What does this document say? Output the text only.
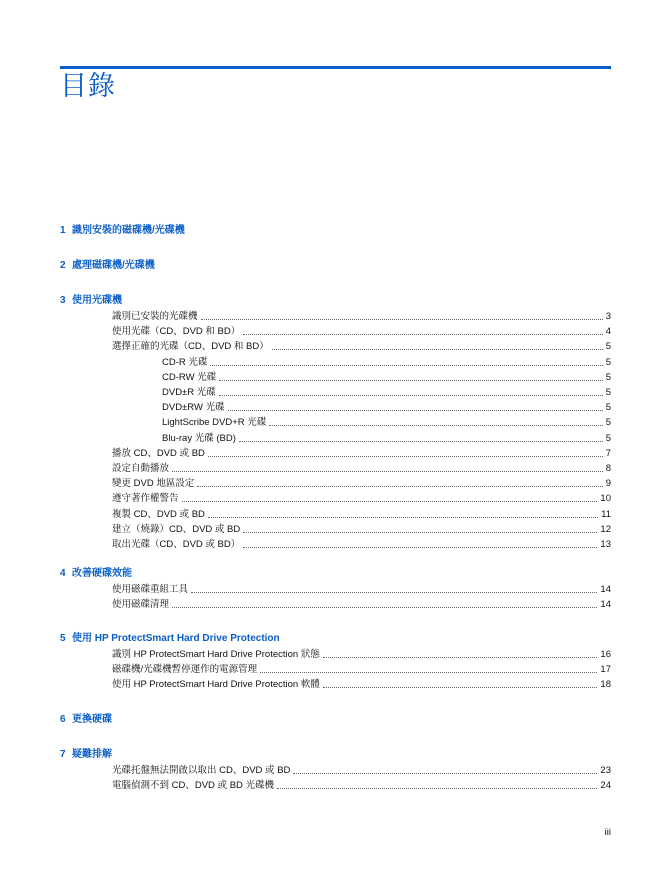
目錄
1 識別安裝的磁碟機/光碟機
2 處理磁碟機/光碟機
3 使用光碟機
識別已安裝的光碟機	3
使用光碟（CD、DVD 和 BD）	4
選擇正確的光碟（CD、DVD 和 BD）	5
CD-R 光碟	5
CD-RW 光碟	5
DVD±R 光碟	5
DVD±RW 光碟	5
LightScribe DVD+R 光碟	5
Blu-ray 光碟 (BD)	5
播放 CD、DVD 或 BD	7
設定自動播放	8
變更 DVD 地區設定	9
遵守著作權警告	10
複製 CD、DVD 或 BD	11
建立（燒錄）CD、DVD 或 BD	12
取出光碟（CD、DVD 或 BD）	13
4 改善硬碟效能
使用磁碟重組工具	14
使用磁碟清理	14
5 使用 HP ProtectSmart Hard Drive Protection
識別 HP ProtectSmart Hard Drive Protection 狀態	16
磁碟機/光碟機暫停運作的電源管理	17
使用 HP ProtectSmart Hard Drive Protection 軟體	18
6 更換硬碟
7 疑難排解
光碟托盤無法開啟以取出 CD、DVD 或 BD	23
電腦偵測不到 CD、DVD 或 BD 光碟機	24
iii
